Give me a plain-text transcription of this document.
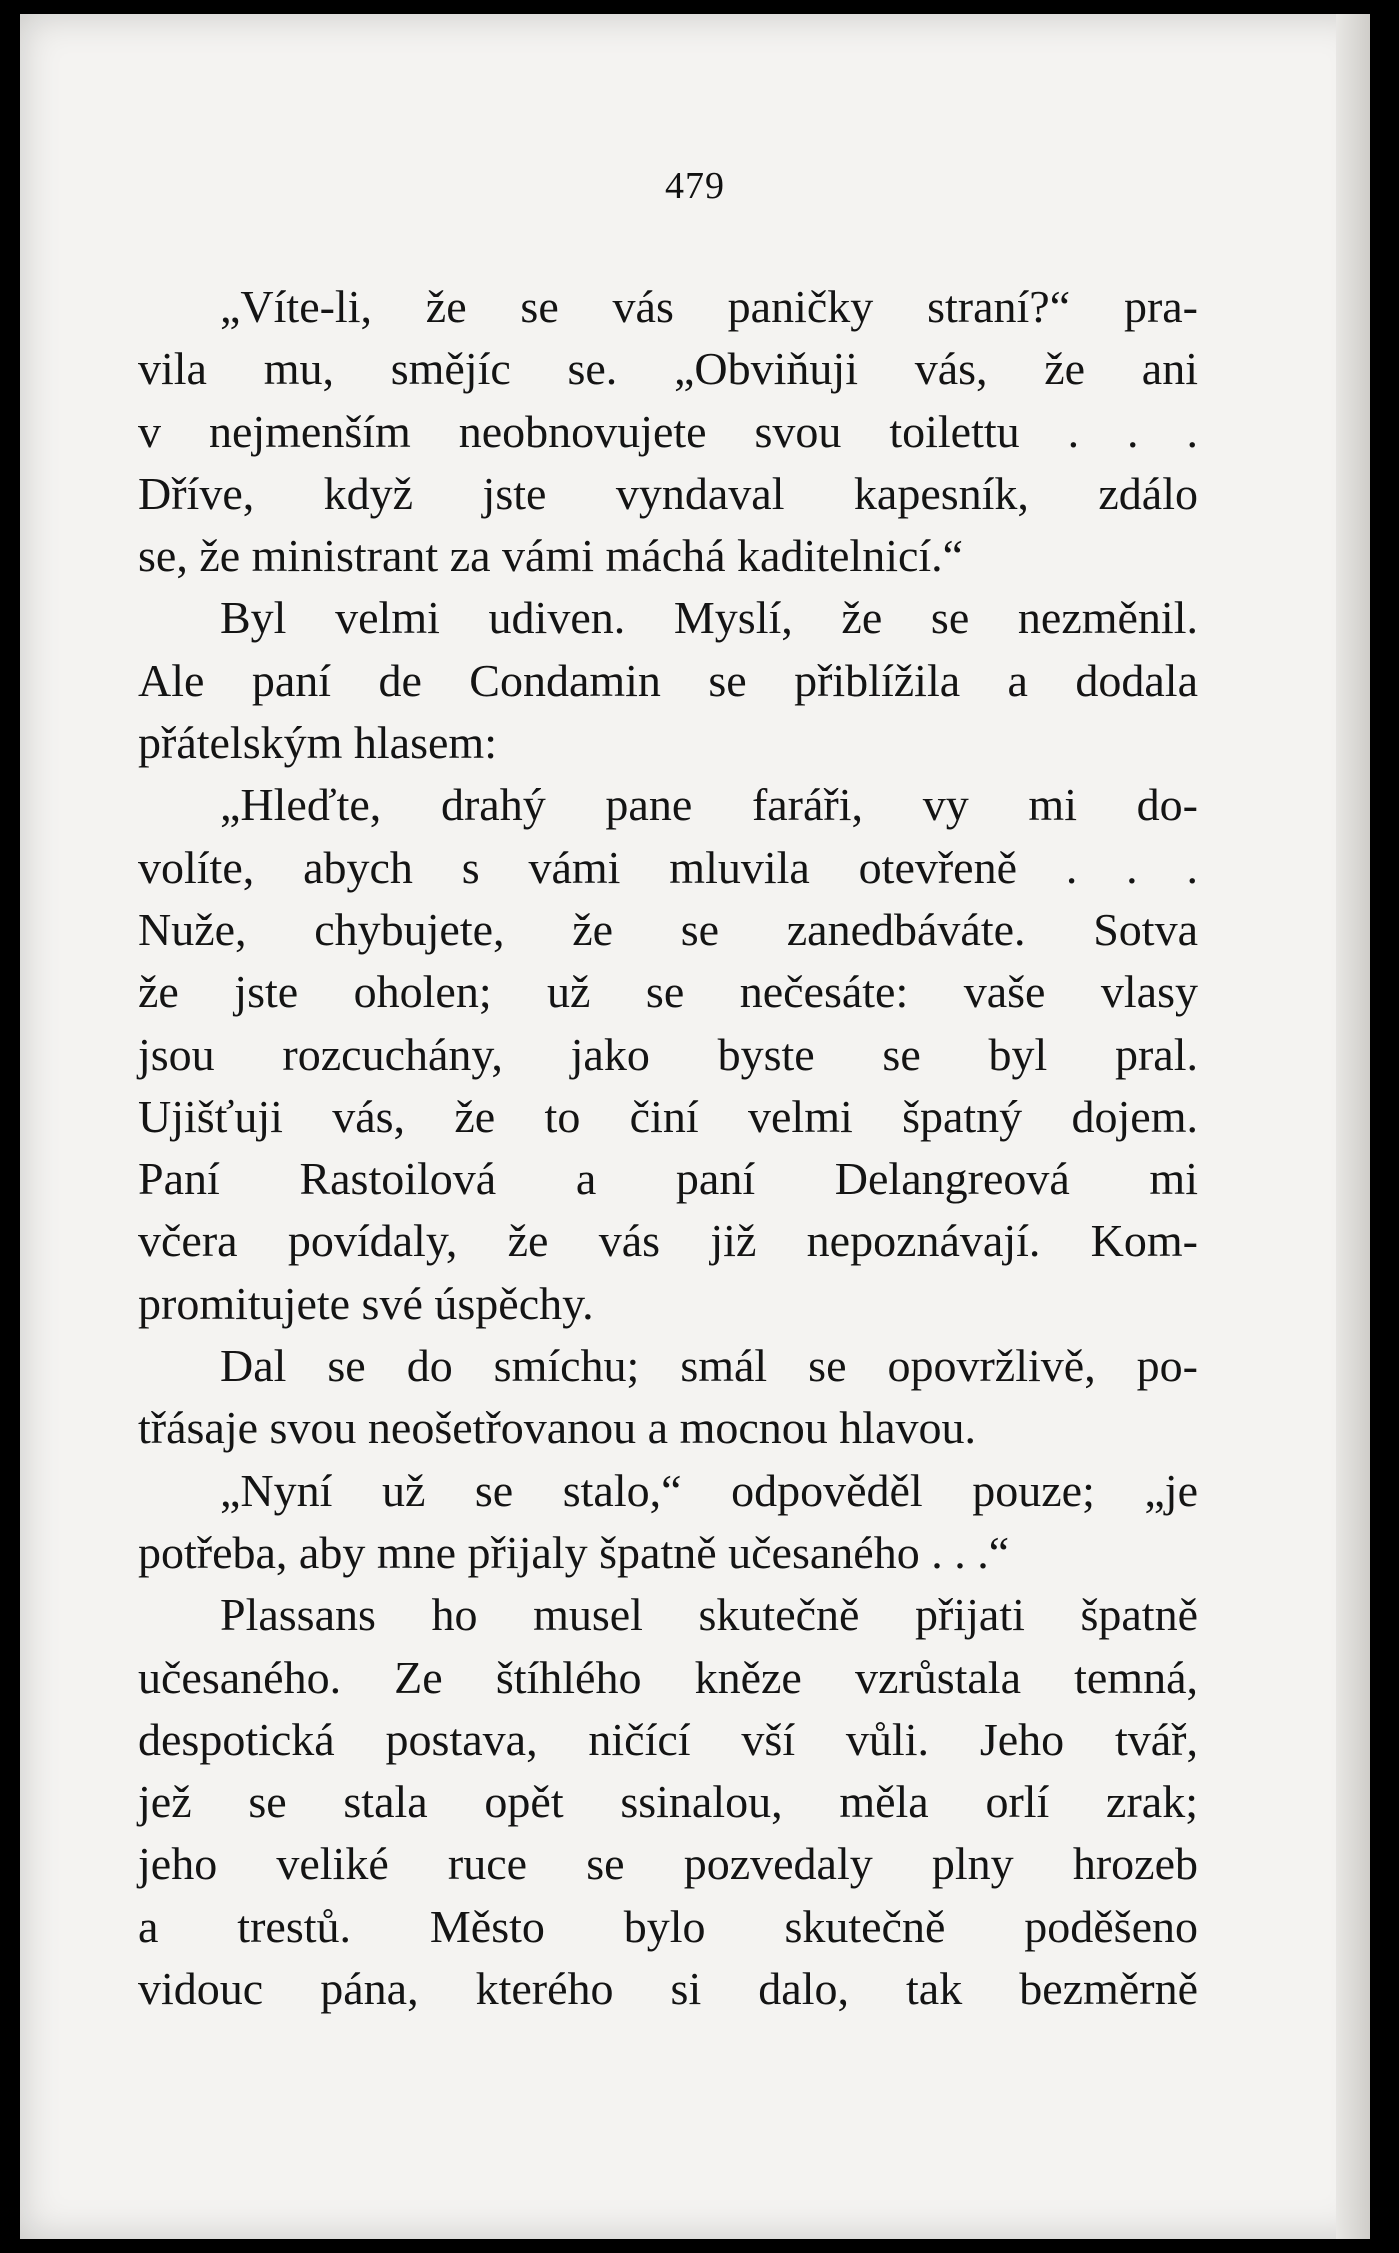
479
„Víte-li, že se vás paničky straní?“ pra-
vila mu, smějíc se. „Obviňuji vás, že ani
v nejmenším neobnovujete svou toilettu . . .
Dříve, když jste vyndaval kapesník, zdálo
se, že ministrant za vámi máchá kaditelnicí.“
Byl velmi udiven. Myslí, že se nezměnil.
Ale paní de Condamin se přiblížila a dodala
přátelským hlasem:
„Hleďte, drahý pane faráři, vy mi do-
volíte, abych s vámi mluvila otevřeně . . .
Nuže, chybujete, že se zanedbáváte. Sotva
že jste oholen; už se nečesáte: vaše vlasy
jsou rozcuchány, jako byste se byl pral.
Ujišťuji vás, že to činí velmi špatný dojem.
Paní Rastoilová a paní Delangreová mi
včera povídaly, že vás již nepoznávají. Kom-
promitujete své úspěchy.
Dal se do smíchu; smál se opovržlivě, po-
třásaje svou neošetřovanou a mocnou hlavou.
„Nyní už se stalo,“ odpověděl pouze; „je
potřeba, aby mne přijaly špatně učesaného . . .“
Plassans ho musel skutečně přijati špatně
učesaného. Ze štíhlého kněze vzrůstala temná,
despotická postava, ničící vší vůli. Jeho tvář,
jež se stala opět ssinalou, měla orlí zrak;
jeho veliké ruce se pozvedaly plny hrozeb
a trestů. Město bylo skutečně poděšeno
vidouc pána, kterého si dalo, tak bezměrně
